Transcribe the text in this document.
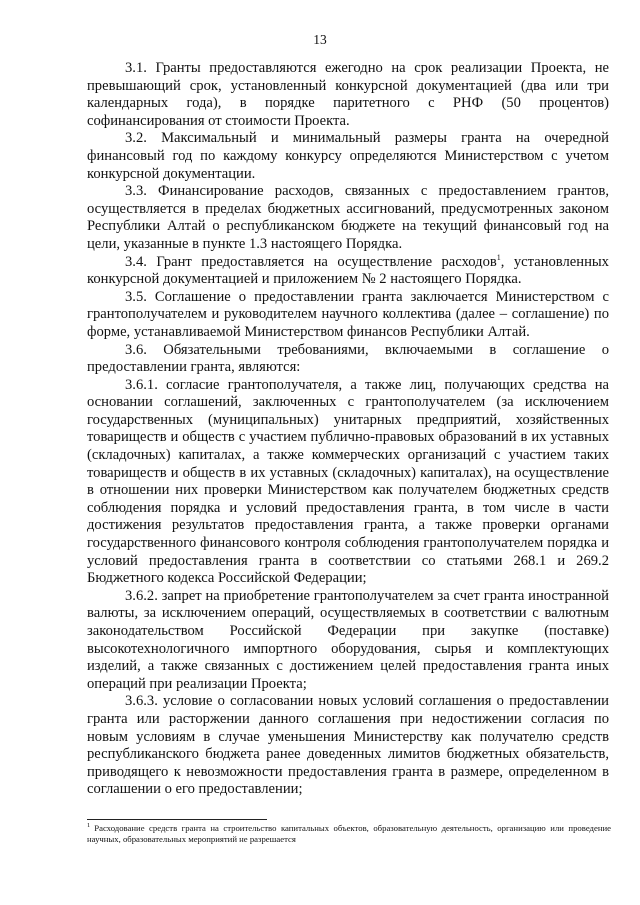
13

3.1. Гранты предоставляются ежегодно на срок реализации Проекта, не превышающий срок, установленный конкурсной документацией (два или три календарных года), в порядке паритетного с РНФ (50 процентов) софинансирования от стоимости Проекта.

3.2. Максимальный и минимальный размеры гранта на очередной финансовый год по каждому конкурсу определяются Министерством с учетом конкурсной документации.

3.3. Финансирование расходов, связанных с предоставлением грантов, осуществляется в пределах бюджетных ассигнований, предусмотренных законом Республики Алтай о республиканском бюджете на текущий финансовый год на цели, указанные в пункте 1.3 настоящего Порядка.

3.4. Грант предоставляется на осуществление расходов$^1$, установленных конкурсной документацией и приложением № 2 настоящего Порядка.

3.5. Соглашение о предоставлении гранта заключается Министерством с грантополучателем и руководителем научного коллектива (далее – соглашение) по форме, устанавливаемой Министерством финансов Республики Алтай.

3.6. Обязательными требованиями, включаемыми в соглашение о предоставлении гранта, являются:

3.6.1. согласие грантополучателя, а также лиц, получающих средства на основании соглашений, заключенных с грантополучателем (за исключением государственных (муниципальных) унитарных предприятий, хозяйственных товариществ и обществ с участием публично-правовых образований в их уставных (складочных) капиталах, а также коммерческих организаций с участием таких товариществ и обществ в их уставных (складочных) капиталах), на осуществление в отношении них проверки Министерством как получателем бюджетных средств соблюдения порядка и условий предоставления гранта, в том числе в части достижения результатов предоставления гранта, а также проверки органами государственного финансового контроля соблюдения грантополучателем порядка и условий предоставления гранта в соответствии со статьями 268.1 и 269.2 Бюджетного кодекса Российской Федерации;

3.6.2. запрет на приобретение грантополучателем за счет гранта иностранной валюты, за исключением операций, осуществляемых в соответствии с валютным законодательством Российской Федерации при закупке (поставке) высокотехнологичного импортного оборудования, сырья и комплектующих изделий, а также связанных с достижением целей предоставления гранта иных операций при реализации Проекта;

3.6.3. условие о согласовании новых условий соглашения о предоставлении гранта или расторжении данного соглашения при недостижении согласия по новым условиям в случае уменьшения Министерству как получателю средств республиканского бюджета ранее доведенных лимитов бюджетных обязательств, приводящего к невозможности предоставления гранта в размере, определенном в соглашении о его предоставлении;

$^1$ Расходование средств гранта на строительство капитальных объектов, образовательную деятельность, организацию или проведение научных, образовательных мероприятий не разрешается
